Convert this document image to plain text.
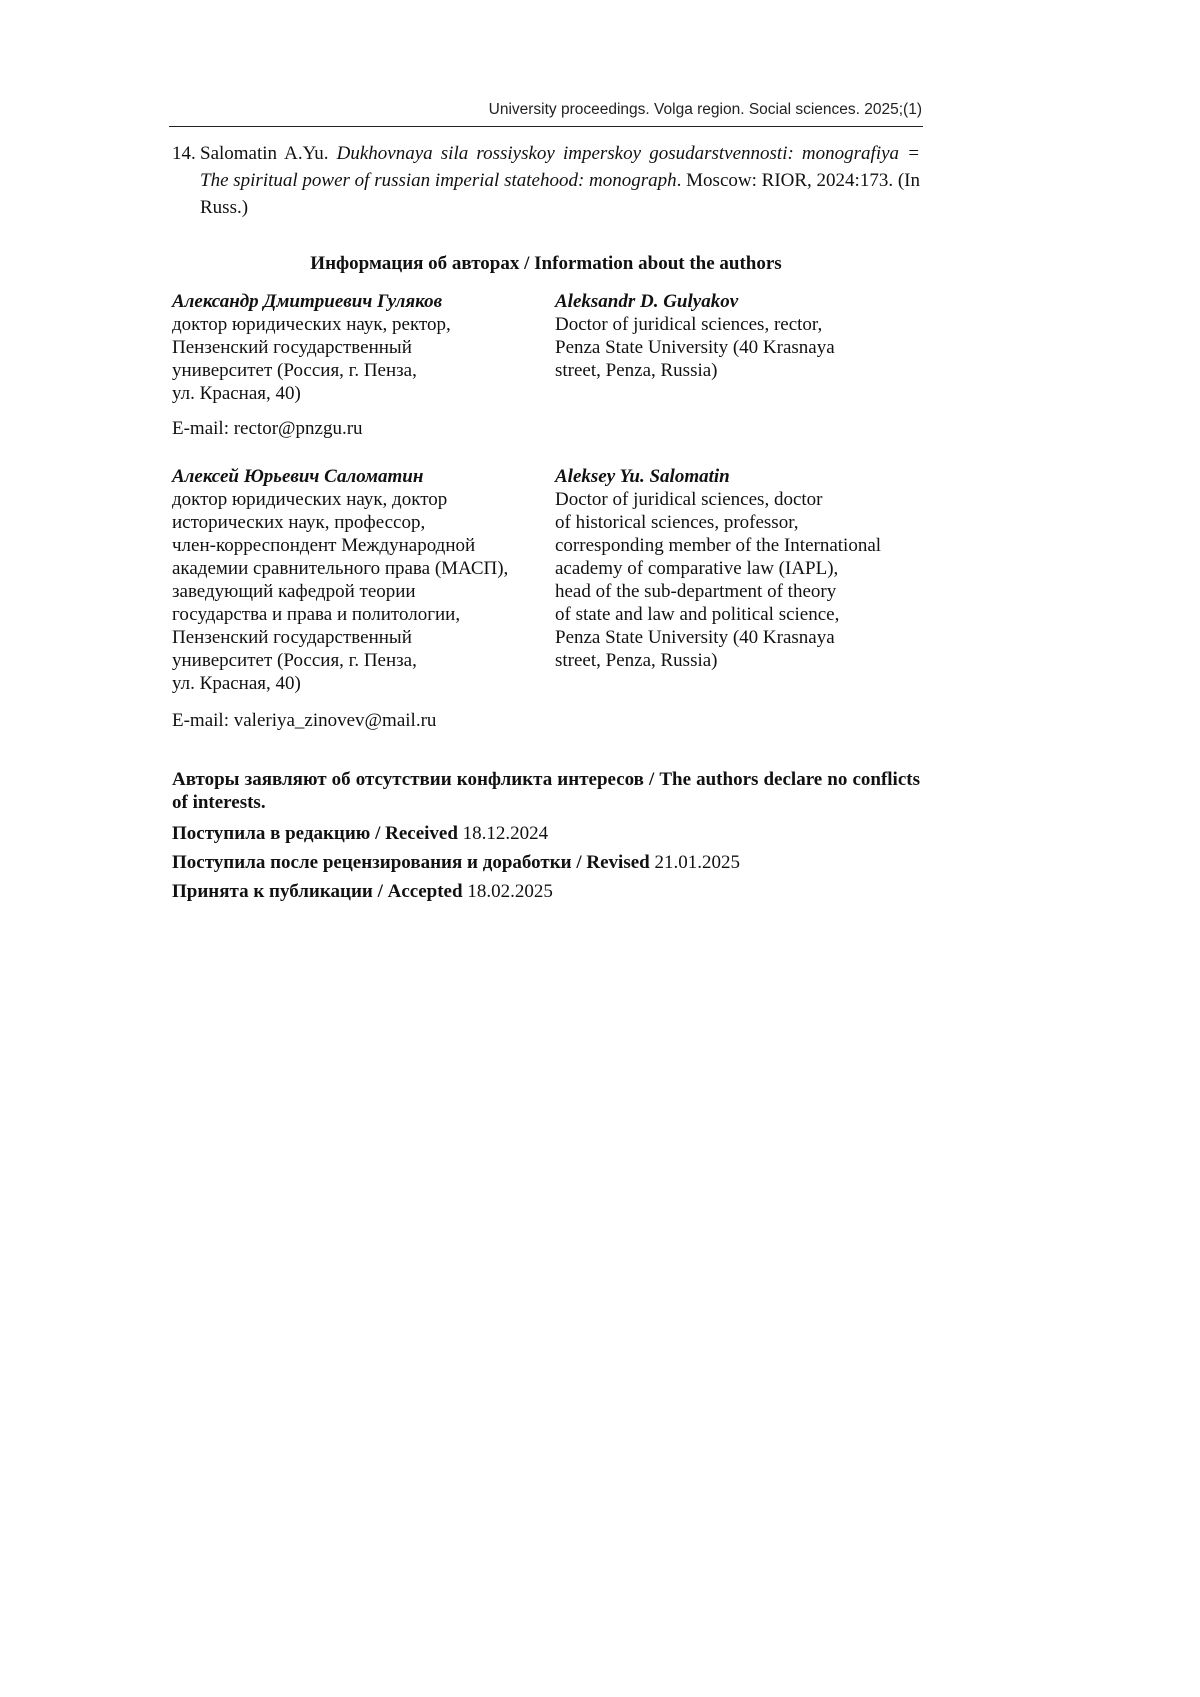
University proceedings. Volga region. Social sciences. 2025;(1)
14. Salomatin A.Yu. Dukhovnaya sila rossiyskoy imperskoy gosudarstvennosti: monografiya = The spiritual power of russian imperial statehood: monograph. Moscow: RIOR, 2024:173. (In Russ.)
Информация об авторах / Information about the authors
Александр Дмитриевич Гуляков
доктор юридических наук, ректор,
Пензенский государственный
университет (Россия, г. Пенза,
ул. Красная, 40)
Aleksandr D. Gulyakov
Doctor of juridical sciences, rector,
Penza State University (40 Krasnaya
street, Penza, Russia)
E-mail: rector@pnzgu.ru
Алексей Юрьевич Саломатин
доктор юридических наук, доктор
исторических наук, профессор,
член-корреспондент Международной
академии сравнительного права (МАСП),
заведующий кафедрой теории
государства и права и политологии,
Пензенский государственный
университет (Россия, г. Пенза,
ул. Красная, 40)
Aleksey Yu. Salomatin
Doctor of juridical sciences, doctor
of historical sciences, professor,
corresponding member of the International
academy of comparative law (IAPL),
head of the sub-department of theory
of state and law and political science,
Penza State University (40 Krasnaya
street, Penza, Russia)
E-mail: valeriya_zinovev@mail.ru
Авторы заявляют об отсутствии конфликта интересов / The authors declare no conflicts of interests.
Поступила в редакцию / Received 18.12.2024
Поступила после рецензирования и доработки / Revised 21.01.2025
Принята к публикации / Accepted 18.02.2025
